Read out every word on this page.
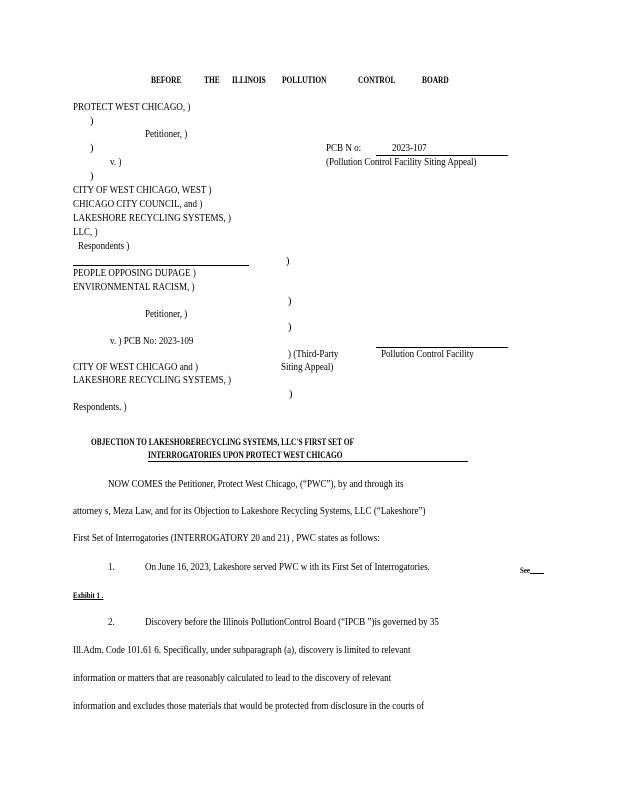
BEFORE THE ILLINOIS POLLUTION	CONTROL	BOARD
PROTECT WEST CHICAGO, )
)
Petitioner, )
)
v. )
)
CITY OF WEST CHICAGO, WEST )
CHICAGO CITY COUNCIL, and )
LAKESHORE RECYCLING SYSTEMS, )
LLC, )
Respondents )
PCB N o:	2023-107
(Pollution Control Facility Siting Appeal)
)
PEOPLE OPPOSING DUPAGE )
ENVIRONMENTAL RACISM, )
)
Petitioner, )
)
v. ) PCB No: 2023-109
) (Third-Party	Pollution Control Facility
CITY OF WEST CHICAGO and )	Siting Appeal)
LAKESHORE RECYCLING SYSTEMS, )
)
Respondents. )
OBJECTION TO LAKESHORERECYCLING SYSTEMS, LLC'S FIRST SET OF
INTERROGATORIES UPON PROTECT WEST CHICAGO
NOW COMES the Petitioner, Protect West Chicago, (“PWC”), by and through its
attorney s, Meza Law, and for its Objection to Lakeshore Recycling Systems, LLC (“Lakeshore”)
First Set of Interrogatories (INTERROGATORY 20 and 21) , PWC states as follows:
1.	On June 16, 2023, Lakeshore served PWC w ith its First Set of Interrogatories.	See
Exhibit 1 .
2.	Discovery before the Illinois PollutionControl Board (“IPCB ”)is governed by 35
Ill.Adm. Code 101.61 6. Specifically, under subparagraph (a), discovery is limited to relevant
information or matters that are reasonably calculated to lead to the discovery of relevant
information and excludes those materials that would be protected from disclosure in the courts of
